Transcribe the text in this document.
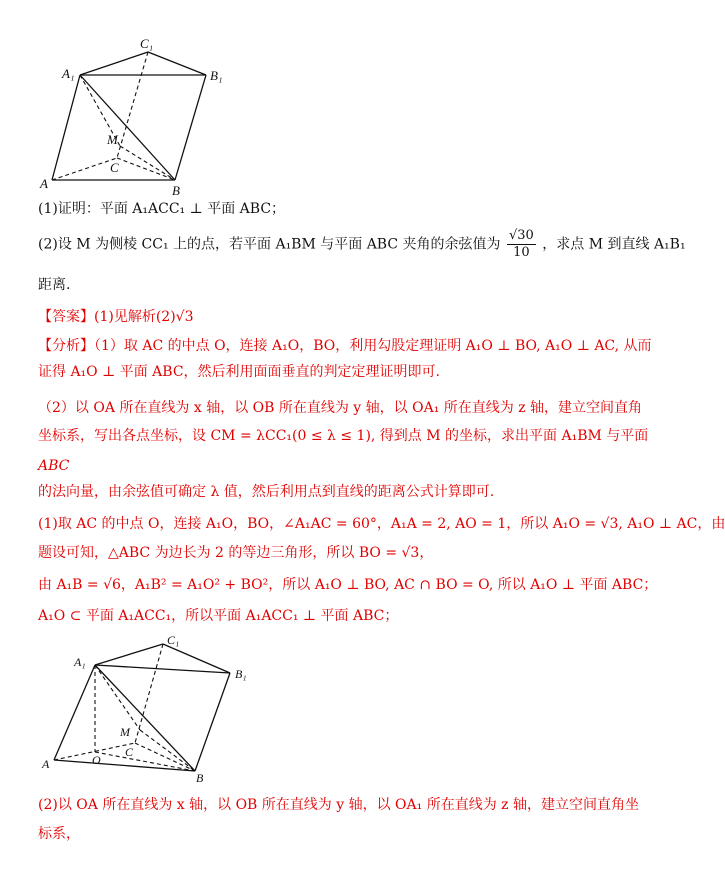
C₁
A₁	B₁
M
C
A	B
(1)证明：平面 A₁ACC₁ ⊥ 平面 ABC；
(2)设 M 为侧棱 CC₁ 上的点，若平面 A₁BM 与平面 ABC 夹角的余弦值为 $\frac{√30}{10}$ ，求点 M 到直线 A₁B₁
距离.
【答案】(1)见解析(2)√3
【分析】（1）取 AC 的中点 O，连接 A₁O，BO，利用勾股定理证明 A₁O ⊥ BO, A₁O ⊥ AC, 从而
证得 A₁O ⊥ 平面 ABC，然后利用面面垂直的判定定理证明即可.
（2）以 OA 所在直线为 x 轴，以 OB 所在直线为 y 轴，以 OA₁ 所在直线为 z 轴，建立空间直角
坐标系，写出各点坐标，设 CM = λCC₁(0 ≤ λ ≤ 1), 得到点 M 的坐标，求出平面 A₁BM 与平面
ABC
的法向量，由余弦值可确定 λ 值，然后利用点到直线的距离公式计算即可.
(1)取 AC 的中点 O，连接 A₁O，BO，∠A₁AC = 60°，A₁A = 2, AO = 1，所以 A₁O = √3, A₁O ⊥ AC，由
题设可知，△ABC 为边长为 2 的等边三角形，所以 BO = √3，
由 A₁B = √6，A₁B² = A₁O² + BO²，所以 A₁O ⊥ BO, AC ∩ BO = O, 所以 A₁O ⊥ 平面 ABC；
A₁O ⊂ 平面 A₁ACC₁，所以平面 A₁ACC₁ ⊥ 平面 ABC；
C₁
A₁
B₁
M
C
O
A
B
(2)以 OA 所在直线为 x 轴，以 OB 所在直线为 y 轴，以 OA₁ 所在直线为 z 轴，建立空间直角坐
标系，
